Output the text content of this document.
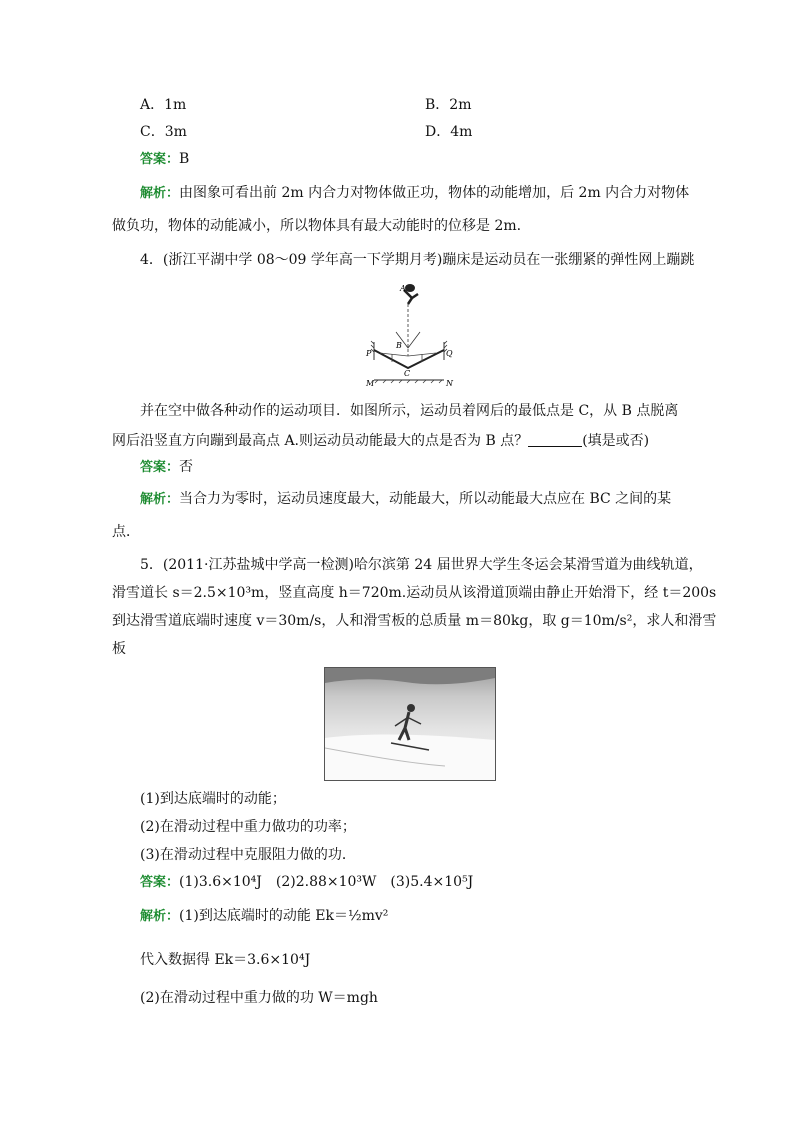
A．1m	B．2m
C．3m	D．4m
答案：B
解析：由图象可看出前 2m 内合力对物体做正功，物体的动能增加，后 2m 内合力对物体
做负功，物体的动能减小，所以物体具有最大动能时的位移是 2m.
4．(浙江平湖中学 08～09 学年高一下学期月考)蹦床是运动员在一张绷紧的弹性网上蹦跳
A
P	Q
B
C
M	N
并在空中做各种动作的运动项目．如图所示，运动员着网后的最低点是 C，从 B 点脱离
网后沿竖直方向蹦到最高点 A.则运动员动能最大的点是否为 B 点？	(填是或否)
答案：否
解析：当合力为零时，运动员速度最大，动能最大，所以动能最大点应在 BC 之间的某
点．
5．(2011·江苏盐城中学高一检测)哈尔滨第 24 届世界大学生冬运会某滑雪道为曲线轨道，
滑雪道长 s＝2.5×10³m，竖直高度 h＝720m.运动员从该滑道顶端由静止开始滑下，经 t＝200s
到达滑雪道底端时速度 v＝30m/s，人和滑雪板的总质量 m＝80kg，取 g＝10m/s²，求人和滑雪
板
(1)到达底端时的动能；
(2)在滑动过程中重力做功的功率；
(3)在滑动过程中克服阻力做的功．
答案：(1)3.6×10⁴J　(2)2.88×10³W　(3)5.4×10⁵J
解析：(1)到达底端时的动能 Ek＝½mv²
代入数据得 Ek＝3.6×10⁴J
(2)在滑动过程中重力做的功 W＝mgh
